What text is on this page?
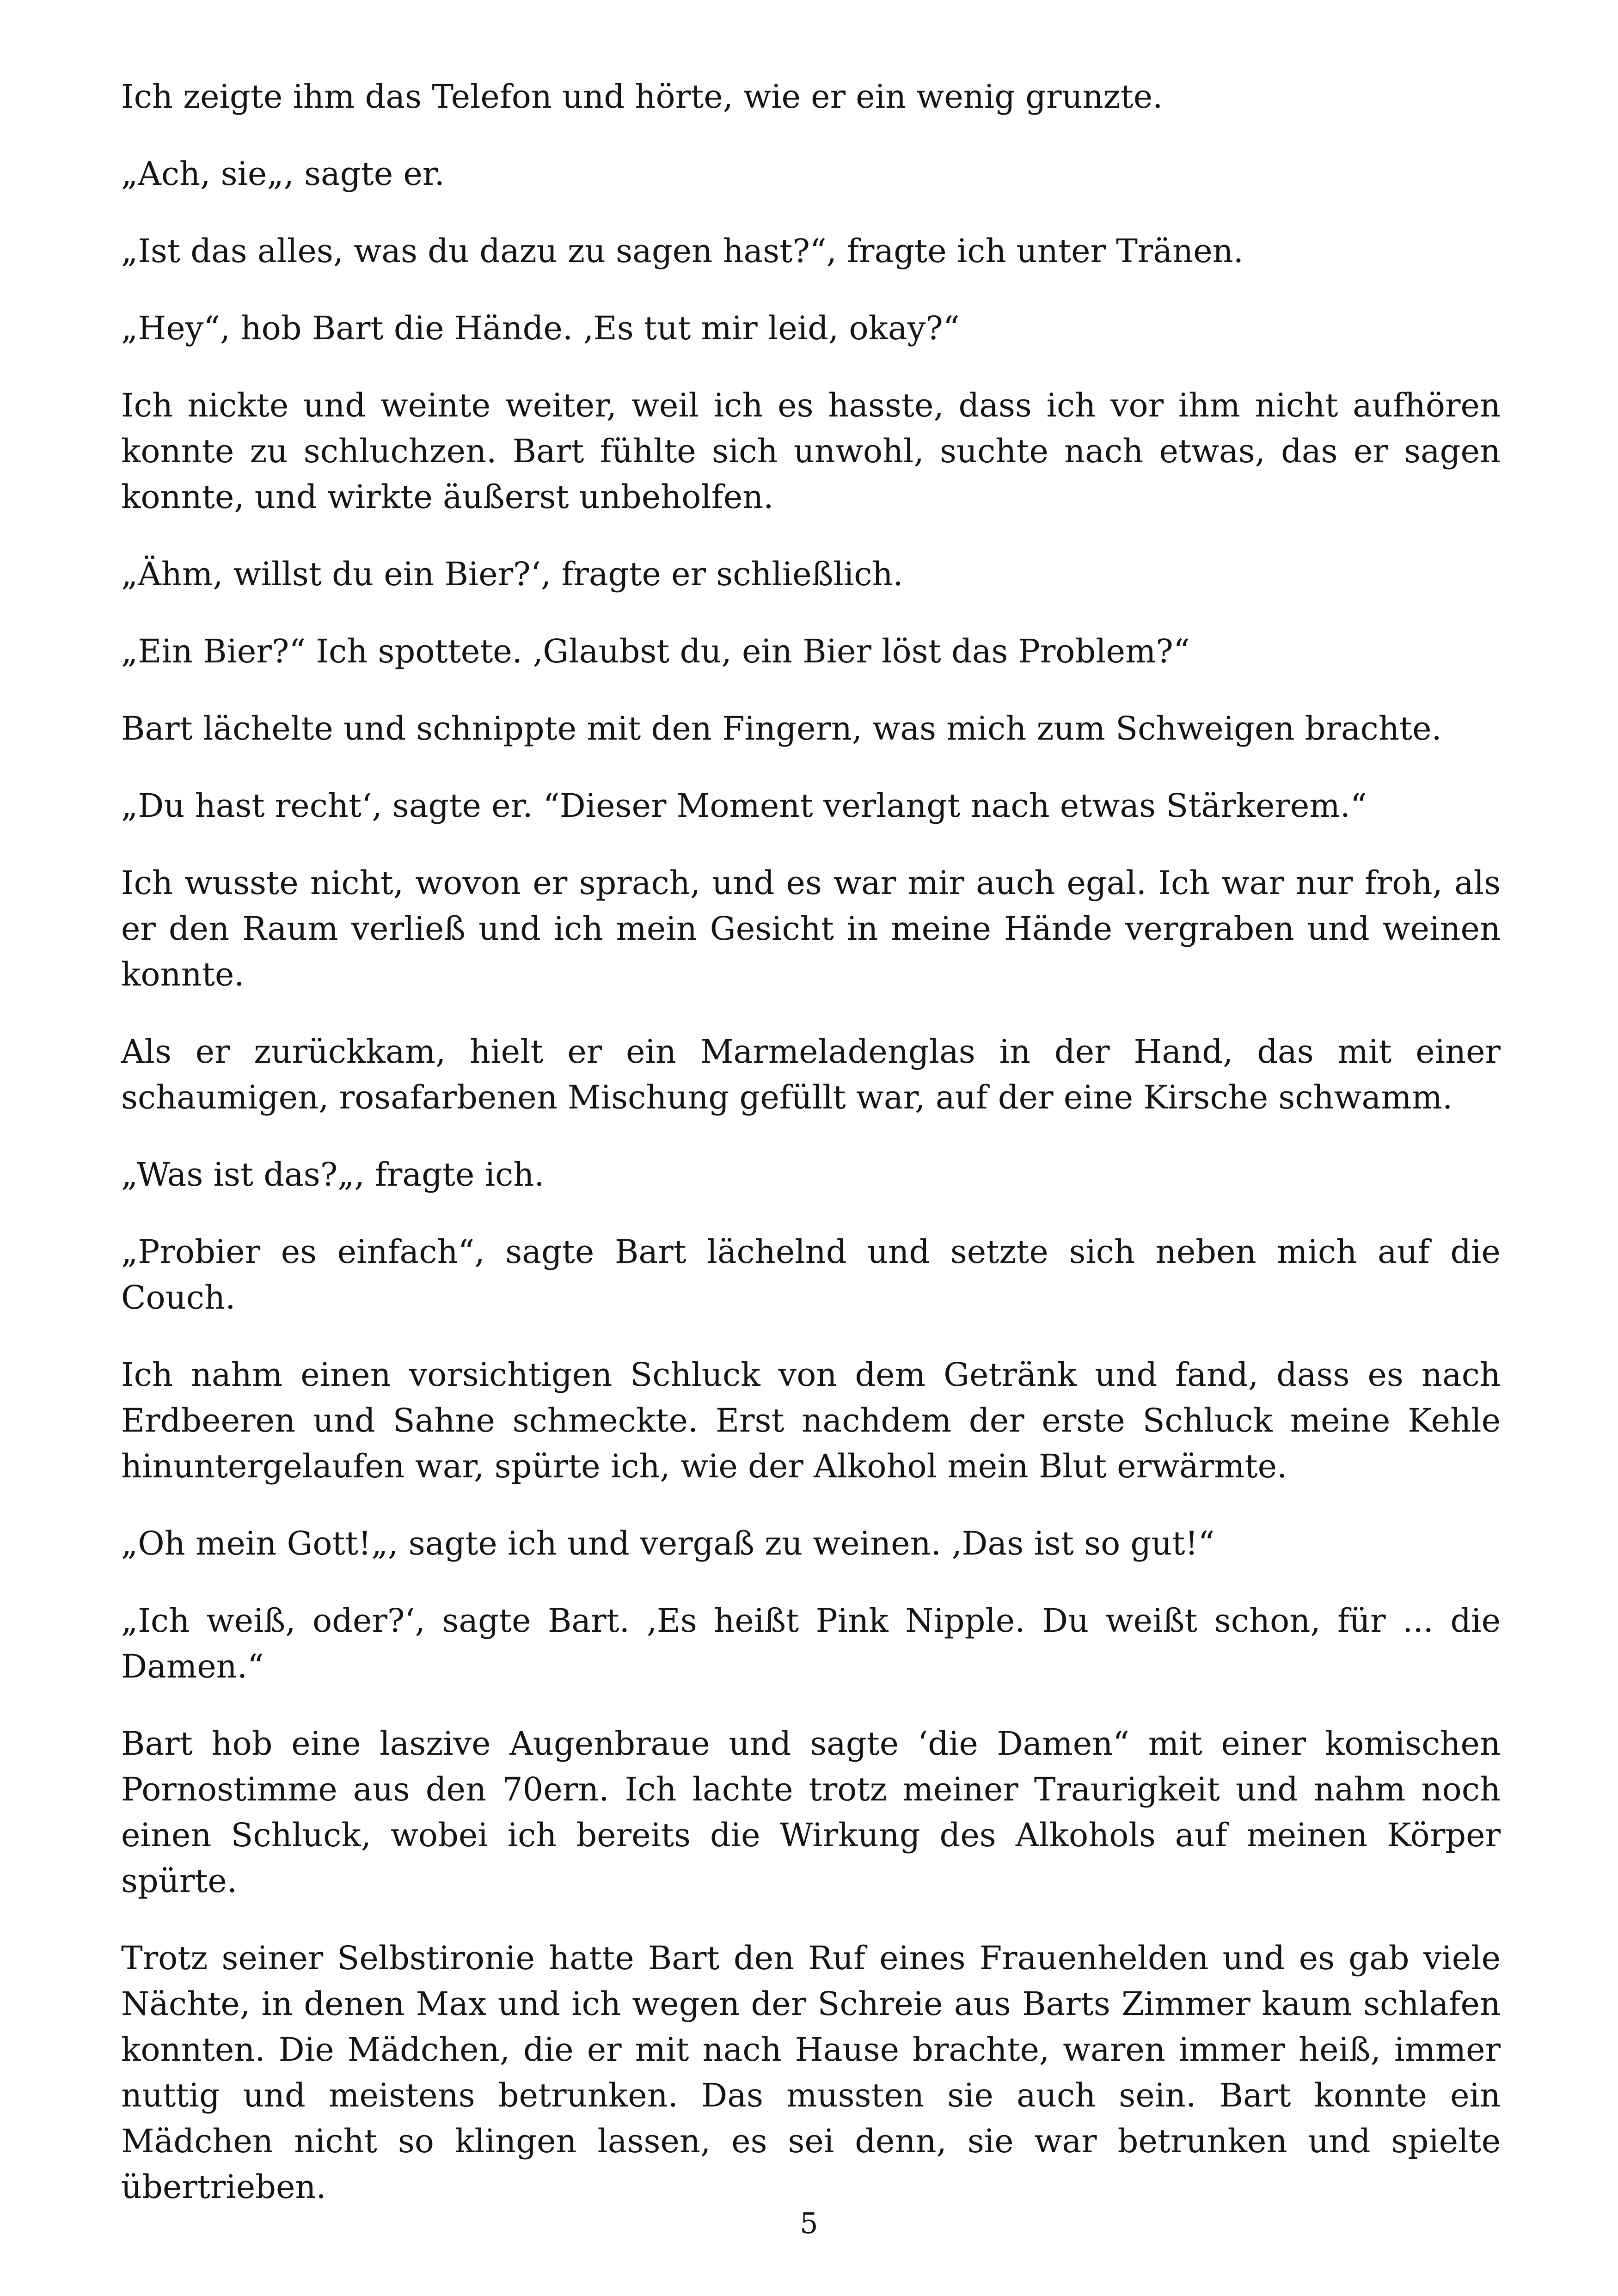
Ich zeigte ihm das Telefon und hörte, wie er ein wenig grunzte.

„Ach, sie„, sagte er.

„Ist das alles, was du dazu zu sagen hast?“, fragte ich unter Tränen.

„Hey“, hob Bart die Hände. ‚Es tut mir leid, okay?“

Ich nickte und weinte weiter, weil ich es hasste, dass ich vor ihm nicht aufhören konnte zu schluchzen. Bart fühlte sich unwohl, suchte nach etwas, das er sagen konnte, und wirkte äußerst unbeholfen.

„Ähm, willst du ein Bier?‘, fragte er schließlich.

„Ein Bier?“ Ich spottete. ‚Glaubst du, ein Bier löst das Problem?“

Bart lächelte und schnippte mit den Fingern, was mich zum Schweigen brachte.

„Du hast recht‘, sagte er. “Dieser Moment verlangt nach etwas Stärkerem.“

Ich wusste nicht, wovon er sprach, und es war mir auch egal. Ich war nur froh, als er den Raum verließ und ich mein Gesicht in meine Hände vergraben und weinen konnte.

Als er zurückkam, hielt er ein Marmeladenglas in der Hand, das mit einer schaumigen, rosafarbenen Mischung gefüllt war, auf der eine Kirsche schwamm.

„Was ist das?„, fragte ich.

„Probier es einfach“, sagte Bart lächelnd und setzte sich neben mich auf die Couch.

Ich nahm einen vorsichtigen Schluck von dem Getränk und fand, dass es nach Erdbeeren und Sahne schmeckte. Erst nachdem der erste Schluck meine Kehle hinuntergelaufen war, spürte ich, wie der Alkohol mein Blut erwärmte.

„Oh mein Gott!„, sagte ich und vergaß zu weinen. ‚Das ist so gut!“

„Ich weiß, oder?‘, sagte Bart. ‚Es heißt Pink Nipple. Du weißt schon, für ... die Damen.“

Bart hob eine laszive Augenbraue und sagte ‘die Damen“ mit einer komischen Pornostimme aus den 70ern. Ich lachte trotz meiner Traurigkeit und nahm noch einen Schluck, wobei ich bereits die Wirkung des Alkohols auf meinen Körper spürte.

Trotz seiner Selbstironie hatte Bart den Ruf eines Frauenhelden und es gab viele Nächte, in denen Max und ich wegen der Schreie aus Barts Zimmer kaum schlafen konnten. Die Mädchen, die er mit nach Hause brachte, waren immer heiß, immer nuttig und meistens betrunken. Das mussten sie auch sein. Bart konnte ein Mädchen nicht so klingen lassen, es sei denn, sie war betrunken und spielte übertrieben.

5
